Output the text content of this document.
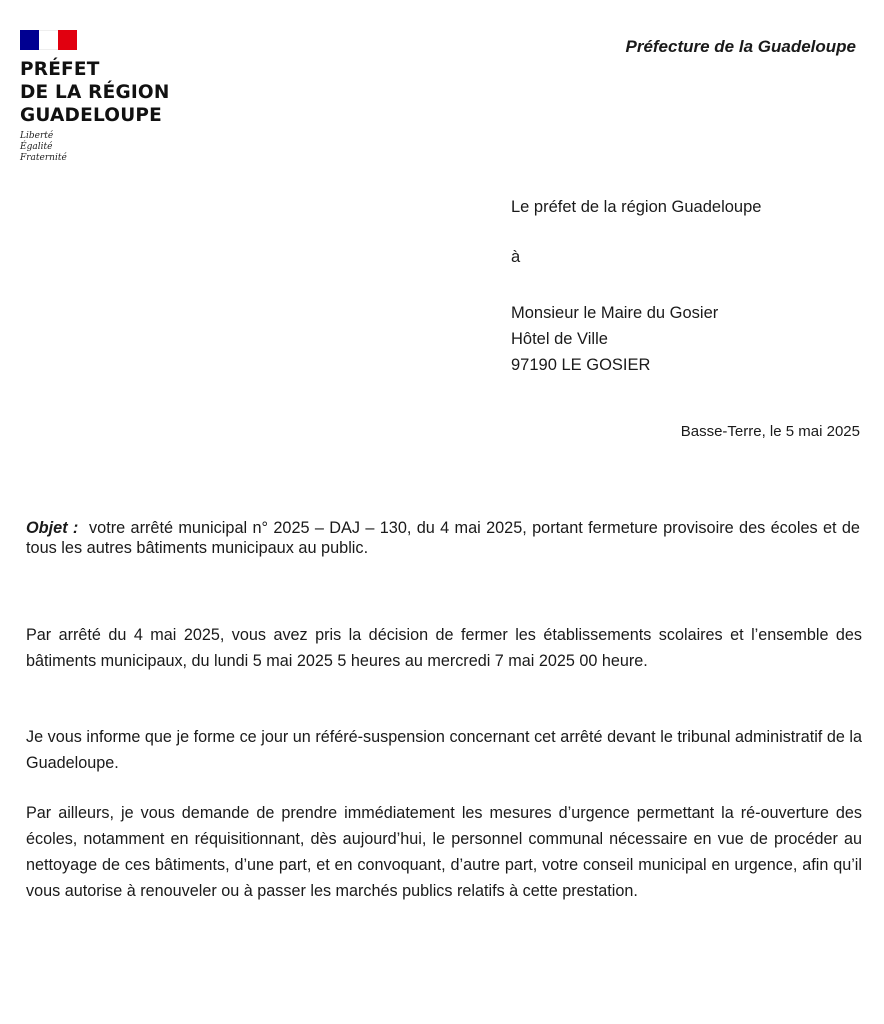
PRÉFET
DE LA RÉGION
GUADELOUPE
Liberté
Égalité
Fraternité
Préfecture de la Guadeloupe
Le préfet de la région Guadeloupe
à
Monsieur le Maire du Gosier
Hôtel de Ville
97190 LE GOSIER
Basse-Terre, le 5 mai 2025
Objet : votre arrêté municipal n° 2025 – DAJ – 130, du 4 mai 2025, portant fermeture provisoire des écoles et de tous les autres bâtiments municipaux au public.
Par arrêté du 4 mai 2025, vous avez pris la décision de fermer les établissements scolaires et l’ensemble des bâtiments municipaux, du lundi 5 mai 2025 5 heures au mercredi 7 mai 2025 00 heure.
Je vous informe que je forme ce jour un référé-suspension concernant cet arrêté devant le tribunal administratif de la Guadeloupe.
Par ailleurs, je vous demande de prendre immédiatement les mesures d’urgence permettant la ré-ouverture des écoles, notamment en réquisitionnant, dès aujourd’hui, le personnel communal nécessaire en vue de procéder au nettoyage de ces bâtiments, d’une part, et en convoquant, d’autre part, votre conseil municipal en urgence, afin qu’il vous autorise à renouveler ou à passer les marchés publics relatifs à cette prestation.
